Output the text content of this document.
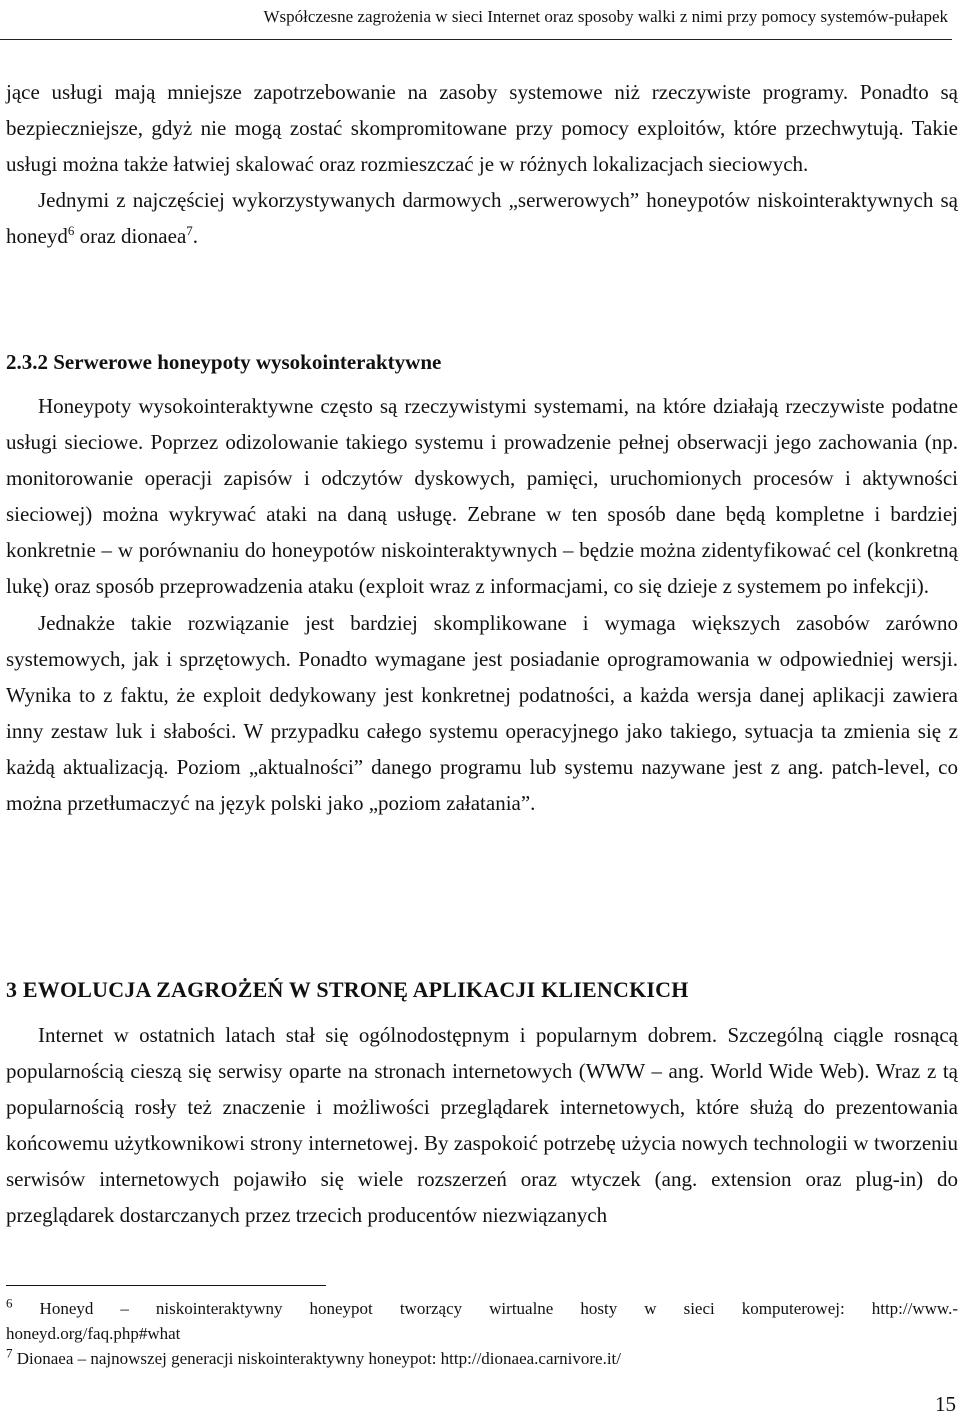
Współczesne zagrożenia w sieci Internet oraz sposoby walki z nimi przy pomocy systemów-pułapek

jące usługi mają mniejsze zapotrzebowanie na zasoby systemowe niż rzeczywiste programy. Ponadto są bezpieczniejsze, gdyż nie mogą zostać skompromitowane przy pomocy exploitów, które przechwytują. Takie usługi można także łatwiej skalować oraz rozmieszczać je w różnych lokalizacjach sieciowych.

Jednymi z najczęściej wykorzystywanych darmowych „serwerowych” honeypotów niskointeraktywnych są honeyd$^6$ oraz dionaea$^7$.

2.3.2 Serwerowe honeypoty wysokointeraktywne

Honeypoty wysokointeraktywne często są rzeczywistymi systemami, na które działają rzeczywiste podatne usługi sieciowe. Poprzez odizolowanie takiego systemu i prowadzenie pełnej obserwacji jego zachowania (np. monitorowanie operacji zapisów i odczytów dyskowych, pamięci, uruchomionych procesów i aktywności sieciowej) można wykrywać ataki na daną usługę. Zebrane w ten sposób dane będą kompletne i bardziej konkretnie – w porównaniu do honeypotów niskointeraktywnych – będzie można zidentyfikować cel (konkretną lukę) oraz sposób przeprowadzenia ataku (exploit wraz z informacjami, co się dzieje z systemem po infekcji).

Jednakże takie rozwiązanie jest bardziej skomplikowane i wymaga większych zasobów zarówno systemowych, jak i sprzętowych. Ponadto wymagane jest posiadanie oprogramowania w odpowiedniej wersji. Wynika to z faktu, że exploit dedykowany jest konkretnej podatności, a każda wersja danej aplikacji zawiera inny zestaw luk i słabości. W przypadku całego systemu operacyjnego jako takiego, sytuacja ta zmienia się z każdą aktualizacją. Poziom „aktualności” danego programu lub systemu nazywane jest z ang. patch-level, co można przetłumaczyć na język polski jako „poziom załatania”.

3 EWOLUCJA ZAGROŻEŃ W STRONĘ APLIKACJI KLIENCKICH

Internet w ostatnich latach stał się ogólnodostępnym i popularnym dobrem. Szczególną ciągle rosnącą popularnością cieszą się serwisy oparte na stronach internetowych (WWW – ang. World Wide Web). Wraz z tą popularnością rosły też znaczenie i możliwości przeglądarek internetowych, które służą do prezentowania końcowemu użytkownikowi strony internetowej. By zaspokoić potrzebę użycia nowych technologii w tworzeniu serwisów internetowych pojawiło się wiele rozszerzeń oraz wtyczek (ang. extension oraz plug-in) do przeglądarek dostarczanych przez trzecich producentów niezwiązanych

$^6$ Honeyd – niskointeraktywny honeypot tworzący wirtualne hosty w sieci komputerowej: http://www.-honeyd.org/faq.php#what

$^7$ Dionaea – najnowszej generacji niskointeraktywny honeypot: http://dionaea.carnivore.it/

15
